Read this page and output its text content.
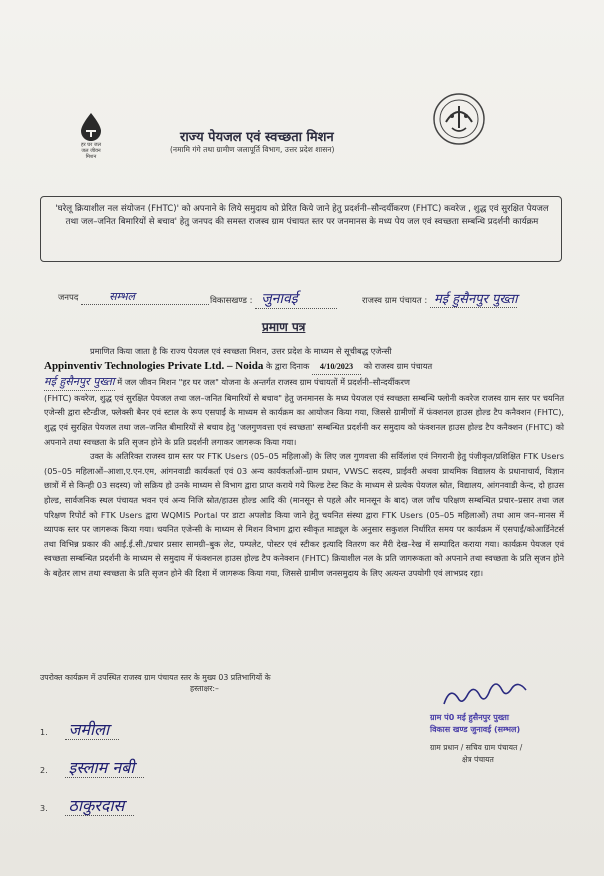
हर घर जल
जल जीवन मिशन
राज्य पेयजल एवं स्वच्छता मिशन
(नमामि गंगे तथा ग्रामीण जलापूर्ति विभाग, उत्तर प्रदेश शासन)

'घरेलू क्रियाशील नल संयोजन (FHTC)' को अपनाने के लिये समुदाय को प्रेरित किये जाने हेतु प्रदर्शनी–सौन्दर्यीकरण (FHTC) कवरेज , शुद्ध एवं सुरक्षित पेयजल तथा जल–जनित बिमारियों से बचाव' हेतु जनपद की समस्त राजस्व ग्राम पंचायत स्तर पर जनमानस के मध्य पेय जल एवं स्वच्छता सम्बन्धि प्रदर्शनी कार्यक्रम

जनपद	सम्भल	विकासखण्ड : जुनावई	राजस्व ग्राम पंचायत : मई हुसैनपुर पुख्ता
प्रमाण पत्र
प्रमाणित किया जाता है कि राज्य पेयजल एवं स्वच्छता मिशन, उत्तर प्रदेश के माध्यम से सूचीबद्ध एजेन्सी
Appinventiv Technologies Private Ltd. – Noida के द्वारा दिनाक 4/10/2023 को राजस्व ग्राम पंचायत
मई हुसैनपुर पुख्ता में जल जीवन मिशन "हर घर जल" योजना के अन्तर्गत राजस्व ग्राम पंचायतों में प्रदर्शनी–सौन्दर्यीकरण

(FHTC) कवरेज, शुद्ध एवं सुरक्षित पेयजल तथा जल–जनित बिमारियों से बचाव" हेतु जनमानस के मध्य पेयजल एवं स्वच्छता सम्बन्धि फ्लोनी कवरेज राजस्व ग्राम स्तर पर चयनित एजेन्सी द्वारा स्टैन्डीज, फ्लेक्सी बैनर एवं स्टाल के रूप एसपाईं के माध्यम से कार्यक्रम का आयोजन किया गया, जिससे ग्रामीणों में फंक्शनल हाउस होल्ड टैप कनैक्शन (FHTC), शुद्ध एवं सुरक्षित पेयजल तथा जल–जनित बीमारियों से बचाव हेतु 'जलगुणवत्ता एवं स्वच्छता' सम्बन्धित प्रदर्शनी कर समुदाय को फंक्शनल हाउस होल्ड टैप कनैक्शन (FHTC) को अपनाने तथा स्वच्छता के प्रति सृजन होने के प्रति प्रदर्शनी लगाकर जागरूक किया गया।

उक्त के अतिरिक्त राजस्व ग्राम स्तर पर FTK Users (05–05 महिलाओं) के लिए जल गुणवत्ता की सर्विलांश एवं निगरानी हेतु पंजीकृत/प्रशिक्षित FTK Users (05–05 महिलाओं–आशा,ए.एन.एम, आंगनवाडी कार्यकर्ता एवं 03 अन्य कार्यकर्ताओं–ग्राम प्रधान, VWSC सदस्य, प्राईवरी अथवा प्राथमिक विद्यालय के प्रधानाचार्य, विज्ञान छात्रों में से किन्ही 03 सदस्य) जो सक्रिय हो उनके माध्यम से विभाग द्वारा प्राप्त कराये गये फिल्ड टेस्ट किट के माध्यम से प्रत्येक पेयजल स्रोत, विद्यालय, आंगनवाडी केन्द, दो हाउस होल्ड, सार्वजनिक स्थल पंचायत भवन एवं अन्य निजि स्रोत/हाउस होल्ड आदि की (मानसून से पहले और मानसून के बाद) जल जाँच परिक्षण सम्बन्धित प्रचार–प्रसार तथा जल परिक्षण रिपोर्ट को FTK Users द्वारा WQMIS Portal पर डाटा अपलोड किया जाने हेतु चयनित संस्था द्वारा FTK Users (05–05 महिलाओं) तथा आम जन–मानस में व्यापक स्तर पर जागरूक किया गया। चयनित एजेन्सी के माध्यम से मिशन विभाग द्वारा स्वीकृत माड्यूल के अनुसार सकुशल निर्धारित समय पर कार्यक्रम में एसपाईं/कोआर्डिनेटर्स तथा विभिन्न प्रकार की आई.ई.सी./प्रचार प्रसार सामग्री–बुक लेट, पम्पलेट, पोस्टर एवं स्टीकर इत्यादि वितरण कर मैरी देख–रेख में सम्पादित कराया गया। कार्यक्रम पेयजल एवं स्वच्छता सम्बन्धित प्रदर्शनी के माध्यम से समुदाय में फंक्शनल हाउस होल्ड टैप कनेक्शन (FHTC) क्रियाशील नल के प्रति जागरूकता को अपनाने तथा स्वच्छता के प्रति सृजन होने के बहेतर लाभ तथा स्वच्छता के प्रति सृजन होने की दिशा में जागरूक किया गया, जिससे ग्रामीण जनसमुदाय के लिए अत्यन्त उपयोगी एवं लाभप्रद रहा।

उपरोक्त कार्यक्रम में उपस्थित राजस्व ग्राम पंचायत स्तर के मुख्य 03 प्रतिभागियों के
हस्ताक्षर:–
1. जमीला
2. इस्लाम नबी
3. ठाकुरदास
ग्राम पं0 मई हुसैनपुर पुख्ता
विकास खण्ड जुनावई (सम्भल)
ग्राम प्रधान / सचिव ग्राम पंचायत /
क्षेत्र पंचायत
